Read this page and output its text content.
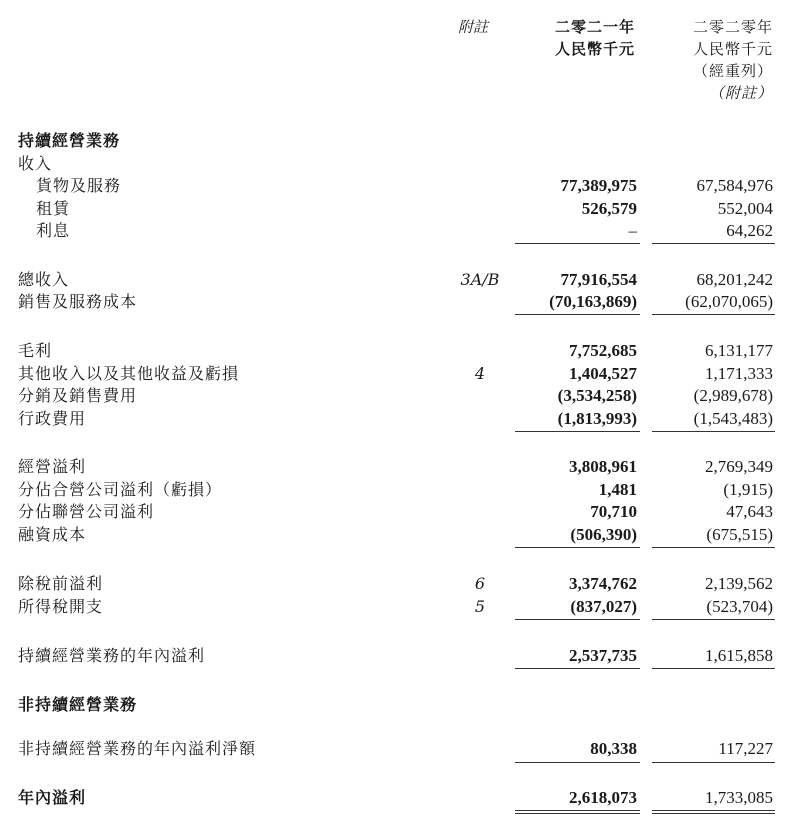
附註	二零二一年
人民幣千元
二零二零年
人民幣千元
（經重列）
（附註）
持續經營業務
收入
貨物及服務	77,389,975	67,584,976
租賃	526,579	552,004
利息	–	64,262
總收入	3A/B	77,916,554	68,201,242
銷售及服務成本	(70,163,869)	(62,070,065)
毛利	7,752,685	6,131,177
其他收入以及其他收益及虧損	4	1,404,527	1,171,333
分銷及銷售費用	(3,534,258)	(2,989,678)
行政費用	(1,813,993)	(1,543,483)
經營溢利	3,808,961	2,769,349
分佔合營公司溢利（虧損）	1,481	(1,915)
分佔聯營公司溢利	70,710	47,643
融資成本	(506,390)	(675,515)
除稅前溢利	6	3,374,762	2,139,562
所得稅開支	5	(837,027)	(523,704)
持續經營業務的年內溢利	2,537,735	1,615,858
非持續經營業務
非持續經營業務的年內溢利淨額	80,338	117,227
年內溢利	2,618,073	1,733,085
